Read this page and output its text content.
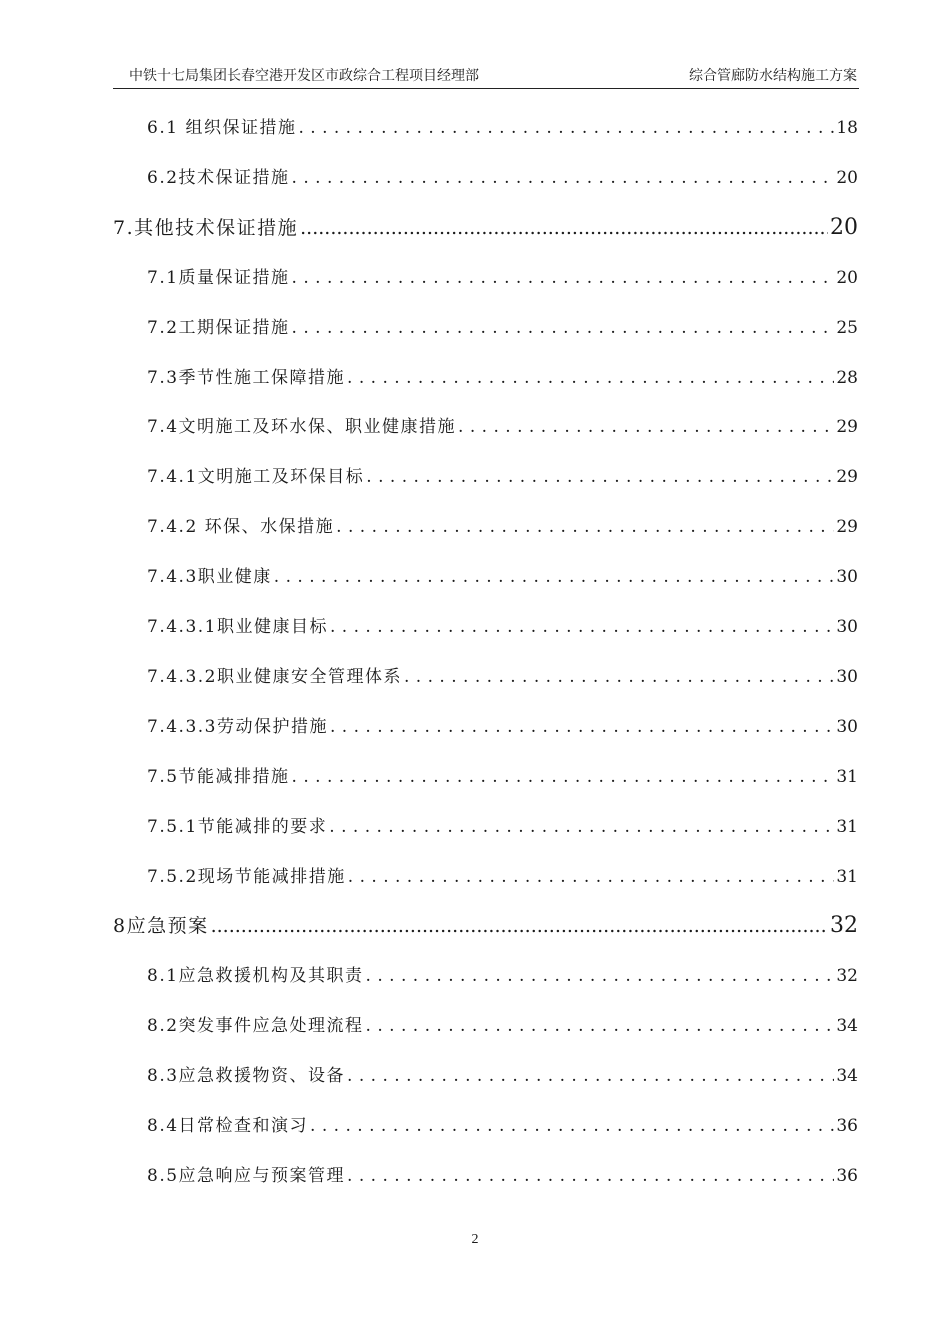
中铁十七局集团长春空港开发区市政综合工程项目经理部	综合管廊防水结构施工方案
6.1 组织保证措施 . . .	18
6.2技术保证措施 . . .	20
7.其他技术保证措施 .....	20
7.1质量保证措施 . . .	20
7.2工期保证措施 . . .	25
7.3季节性施工保障措施 . . .	28
7.4文明施工及环水保、职业健康措施 . . .	29
7.4.1文明施工及环保目标 . . .	29
7.4.2 环保、水保措施 . . .	29
7.4.3职业健康 . . .	30
7.4.3.1职业健康目标 . . .	30
7.4.3.2职业健康安全管理体系 . . .	30
7.4.3.3劳动保护措施 . . .	30
7.5节能减排措施 . . .	31
7.5.1节能减排的要求 . . .	31
7.5.2现场节能减排措施 . . .	31
8应急预案 .....	32
8.1应急救援机构及其职责 . . .	32
8.2突发事件应急处理流程 . . .	34
8.3应急救援物资、设备 . . .	34
8.4日常检查和演习 . . .	36
8.5应急响应与预案管理 . . .	36
2
